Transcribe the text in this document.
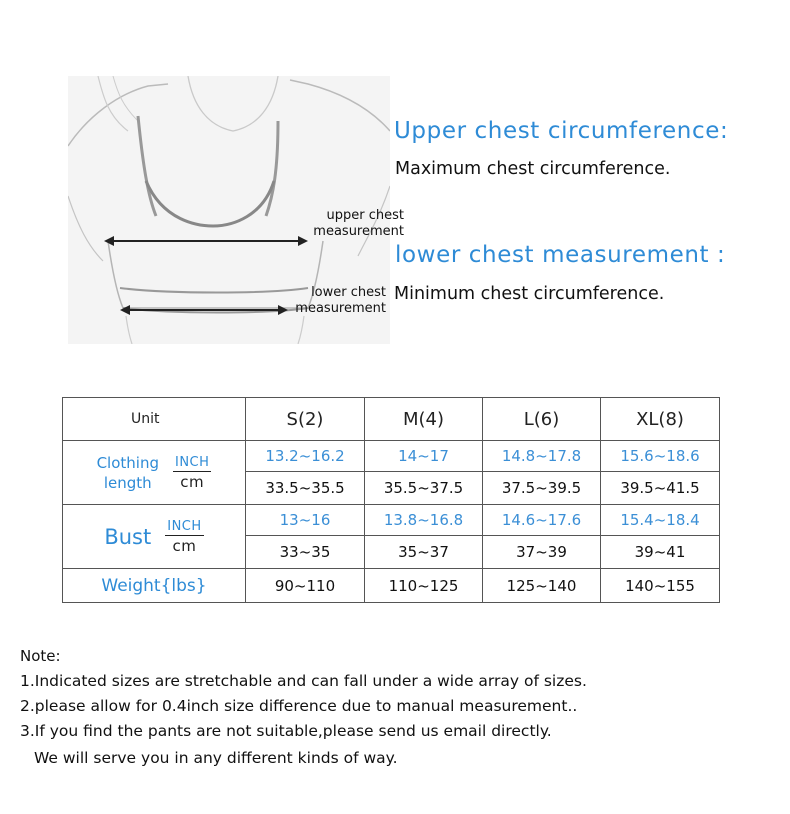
upper chest
measurement
lower chest
measurement
Upper chest circumference:
Maximum chest circumference.
lower chest measurement :
Minimum chest circumference.
Unit	S(2)	M(4)	L(6)	XL(8)

Clothing
length
INCH
cm	13.2~16.2	14~17	14.8~17.8	15.6~18.6
	33.5~35.5	35.5~37.5	37.5~39.5	39.5~41.5

Bust INCH
cm	13~16	13.8~16.8	14.6~17.6	15.4~18.4
	33~35	35~37	37~39	39~41
Weight{lbs}	90~110	110~125	125~140	140~155
Note:
1.Indicated sizes are stretchable and can fall under a wide array of sizes.
2.please allow for 0.4inch size difference due to manual measurement..
3.If you find the pants are not suitable,please send us email directly.
We will serve you in any different kinds of way.
